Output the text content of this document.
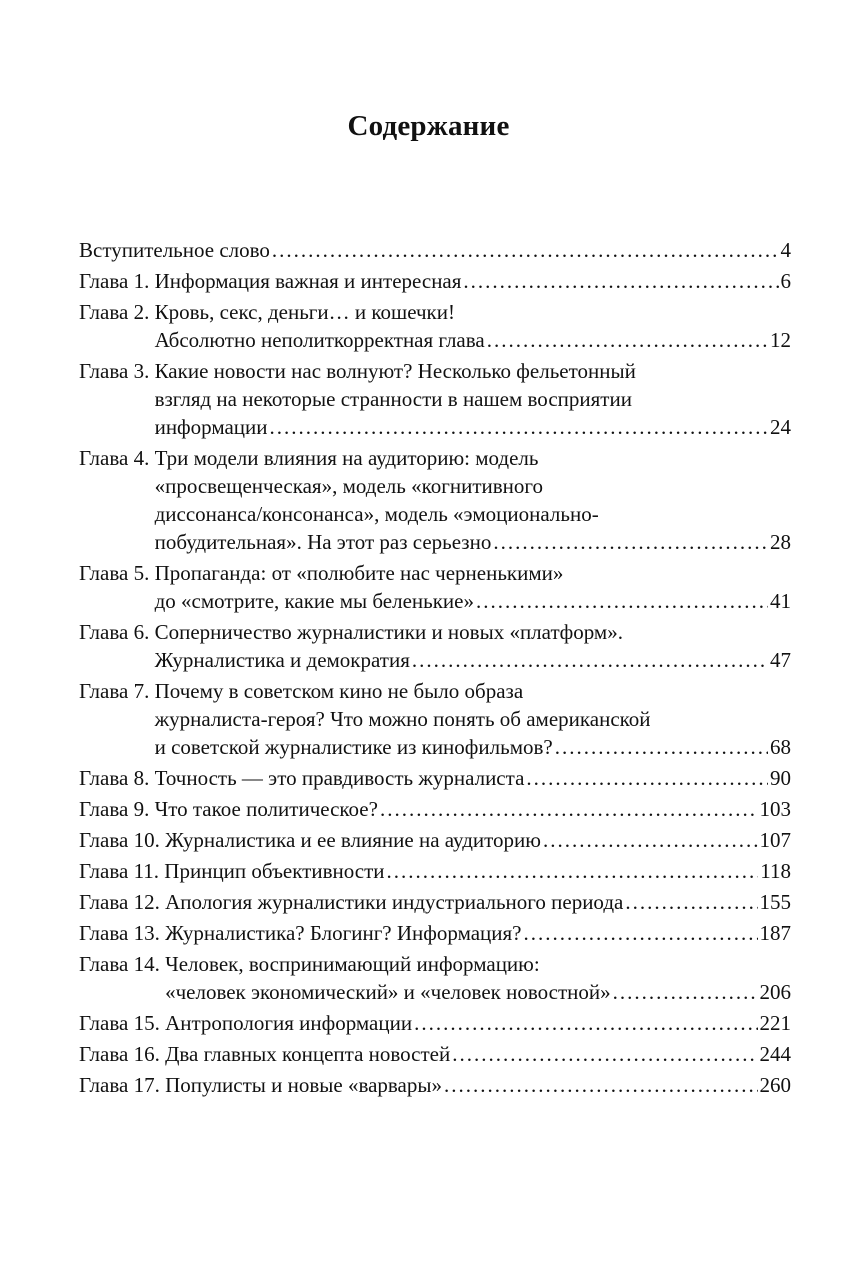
Содержание
Вступительное слово .....	4
Глава 1. Информация важная и интересная .....	6
Глава 2. Кровь, секс, деньги… и кошечки!
Абсолютно неполиткорректная глава .....	12
Глава 3. Какие новости нас волнуют? Несколько фельетонный
взгляд на некоторые странности в нашем восприятии
информации .....	24
Глава 4. Три модели влияния на аудиторию: модель
«просвещенческая», модель «когнитивного
диссонанса/консонанса», модель «эмоционально-
побудительная». На этот раз серьезно .....	28
Глава 5. Пропаганда: от «полюбите нас черненькими»
до «смотрите, какие мы беленькие» .....	41
Глава 6. Соперничество журналистики и новых «платформ».
Журналистика и демократия .....	47
Глава 7. Почему в советском кино не было образа
журналиста-героя? Что можно понять об американской
и советской журналистике из кинофильмов? .....	68
Глава 8. Точность — это правдивость журналиста .....	90
Глава 9. Что такое политическое? .....	103
Глава 10. Журналистика и ее влияние на аудиторию .....	107
Глава 11. Принцип объективности .....	118
Глава 12. Апология журналистики индустриального периода .....	155
Глава 13. Журналистика? Блогинг? Информация? .....	187
Глава 14. Человек, воспринимающий информацию:
«человек экономический» и «человек новостной» .....	206
Глава 15. Антропология информации .....	221
Глава 16. Два главных концепта новостей .....	244
Глава 17. Популисты и новые «варвары» .....	260
